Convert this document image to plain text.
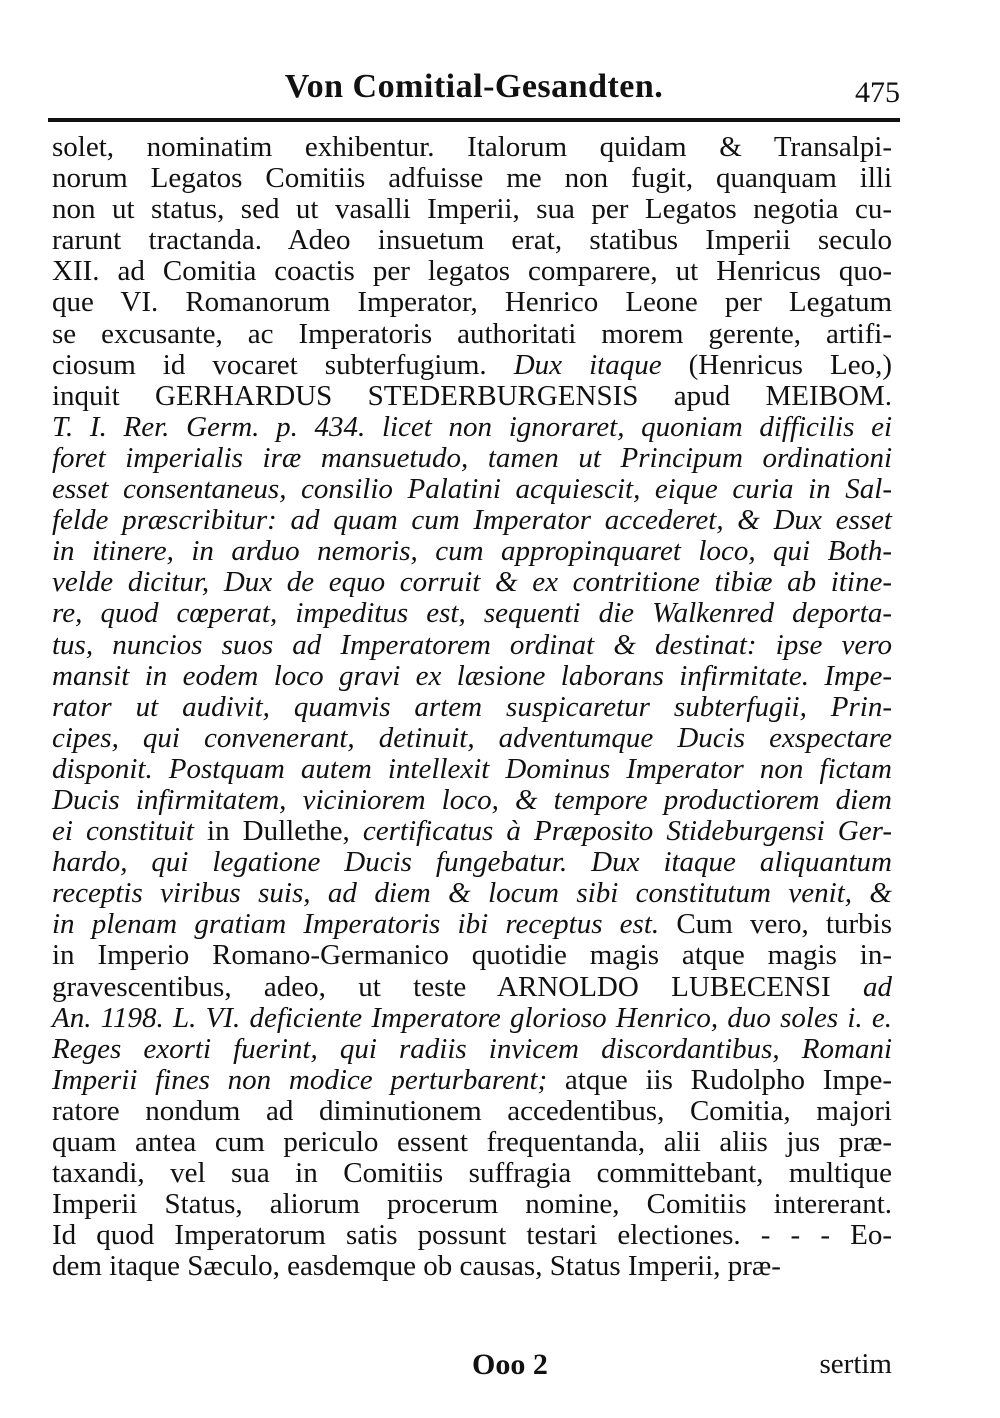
Von Comitial-Gesandten.	475
solet, nominatim exhibentur. Italorum quidam & Transalpi-
norum Legatos Comitiis adfuisse me non fugit, quanquam illi
non ut status, sed ut vasalli Imperii, sua per Legatos negotia cu-
rarunt tractanda. Adeo insuetum erat, statibus Imperii seculo
XII. ad Comitia coactis per legatos comparere, ut Henricus quo-
que VI. Romanorum Imperator, Henrico Leone per Legatum
se excusante, ac Imperatoris authoritati morem gerente, artifi-
ciosum id vocaret subterfugium. Dux itaque (Henricus Leo,)
inquit GERHARDUS STEDERBURGENSIS apud MEIBOM.
T. I. Rer. Germ. p. 434. licet non ignoraret, quoniam difficilis ei
foret imperialis iræ mansuetudo, tamen ut Principum ordinationi
esset consentaneus, consilio Palatini acquiescit, eique curia in Sal-
felde præscribitur: ad quam cum Imperator accederet, & Dux esset
in itinere, in arduo nemoris, cum appropinquaret loco, qui Both-
velde dicitur, Dux de equo corruit & ex contritione tibiæ ab itine-
re, quod cœperat, impeditus est, sequenti die Walkenred deporta-
tus, nuncios suos ad Imperatorem ordinat & destinat: ipse vero
mansit in eodem loco gravi ex læsione laborans infirmitate. Impe-
rator ut audivit, quamvis artem suspicaretur subterfugii, Prin-
cipes, qui convenerant, detinuit, adventumque Ducis exspectare
disponit. Postquam autem intellexit Dominus Imperator non fictam
Ducis infirmitatem, viciniorem loco, & tempore productiorem diem
ei constituit in Dullethe, certificatus à Præposito Stideburgensi Ger-
hardo, qui legatione Ducis fungebatur. Dux itaque aliquantum
receptis viribus suis, ad diem & locum sibi constitutum venit, &
in plenam gratiam Imperatoris ibi receptus est. Cum vero, turbis
in Imperio Romano-Germanico quotidie magis atque magis in-
gravescentibus, adeo, ut teste ARNOLDO LUBECENSI ad
An. 1198. L. VI. deficiente Imperatore glorioso Henrico, duo soles i. e.
Reges exorti fuerint, qui radiis invicem discordantibus, Romani
Imperii fines non modice perturbarent; atque iis Rudolpho Impe-
ratore nondum ad diminutionem accedentibus, Comitia, majori
quam antea cum periculo essent frequentanda, alii aliis jus præ-
taxandi, vel sua in Comitiis suffragia committebant, multique
Imperii Status, aliorum procerum nomine, Comitiis intererant.
Id quod Imperatorum satis possunt testari electiones. - - - Eo-
dem itaque Sæculo, easdemque ob causas, Status Imperii, præ-
Ooo 2	sertim
